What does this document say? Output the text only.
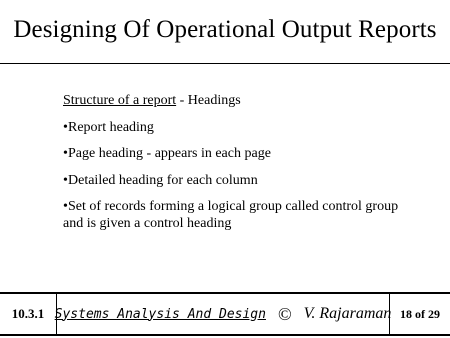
Designing Of Operational Output Reports
Structure of a report - Headings
•Report heading
•Page heading - appears in each page
•Detailed heading for each column
•Set of records forming a logical group called control group and is given a control heading
10.3.1 Systems Analysis And Design © V. Rajaraman 18 of 29
